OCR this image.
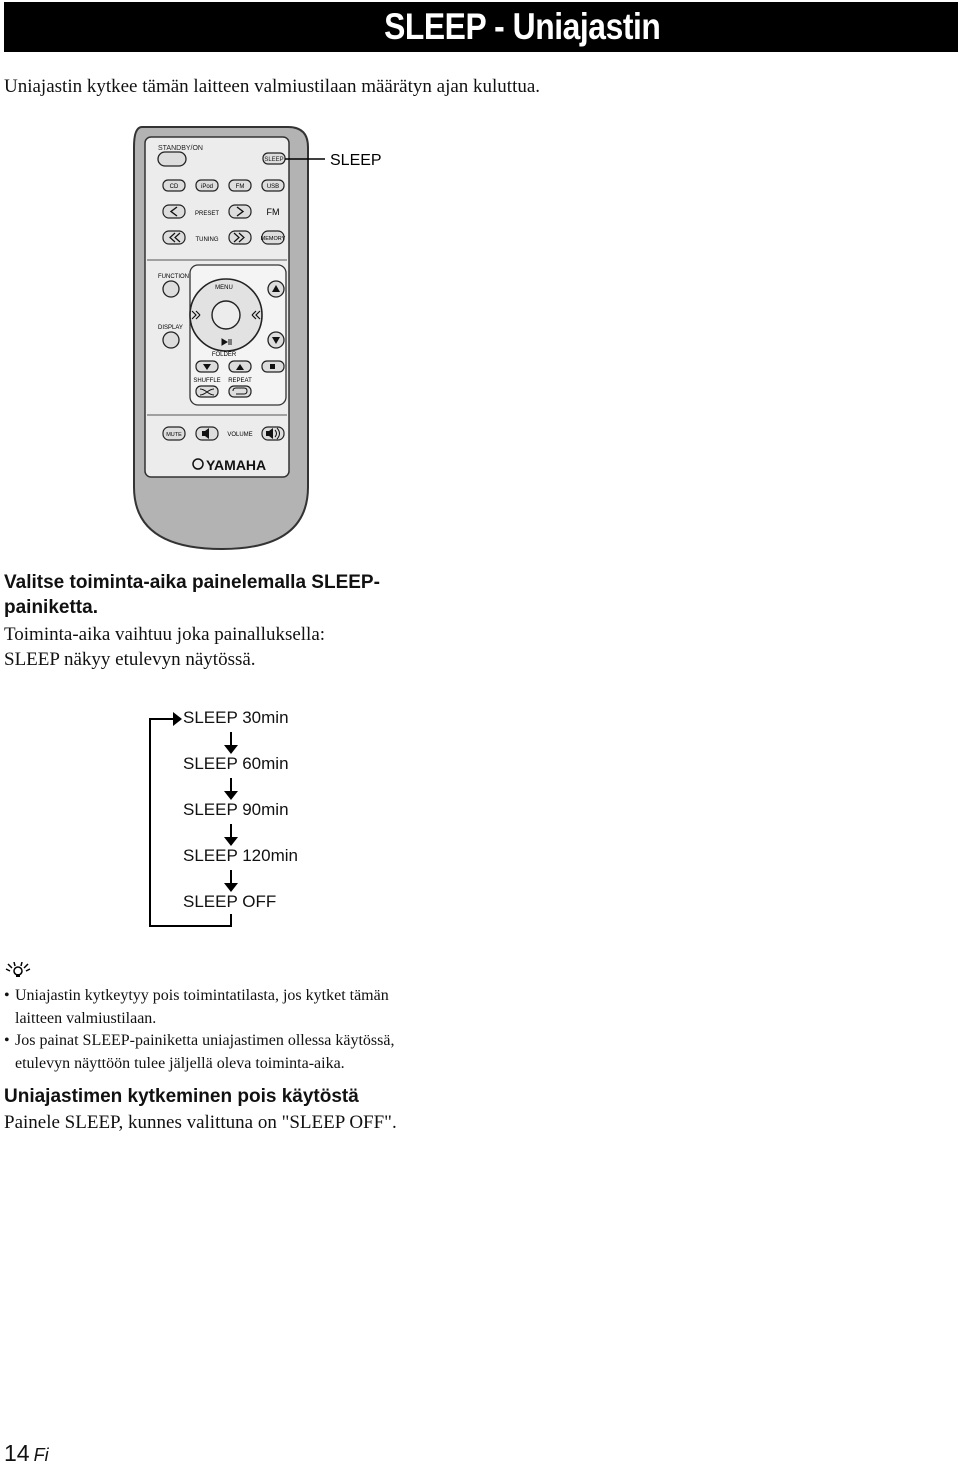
SLEEP - Uniajastin
Uniajastin kytkee tämän laitteen valmiustilaan määrätyn ajan kuluttua.
STANDBY/ON
SLEEP	SLEEP
CD	iPod	FM	USB
PRESET	FM
TUNING	MEMORY
FUNCTION
DISPLAY
MENU
FOLDER
SHUFFLE REPEAT
MUTE	VOLUME
YAMAHA
Valitse toiminta-aika painelemalla SLEEP-
painiketta.
Toiminta-aika vaihtuu joka painalluksella:
SLEEP näkyy etulevyn näytössä.
SLEEP 30min
SLEEP 60min
SLEEP 90min
SLEEP 120min
SLEEP OFF
• Uniajastin kytkeytyy pois toimintatilasta, jos kytket tämän
laitteen valmiustilaan.
• Jos painat SLEEP-painiketta uniajastimen ollessa käytössä,
etulevyn näyttöön tulee jäljellä oleva toiminta-aika.
Uniajastimen kytkeminen pois käytöstä
Painele SLEEP, kunnes valittuna on "SLEEP OFF".
14 Fi
